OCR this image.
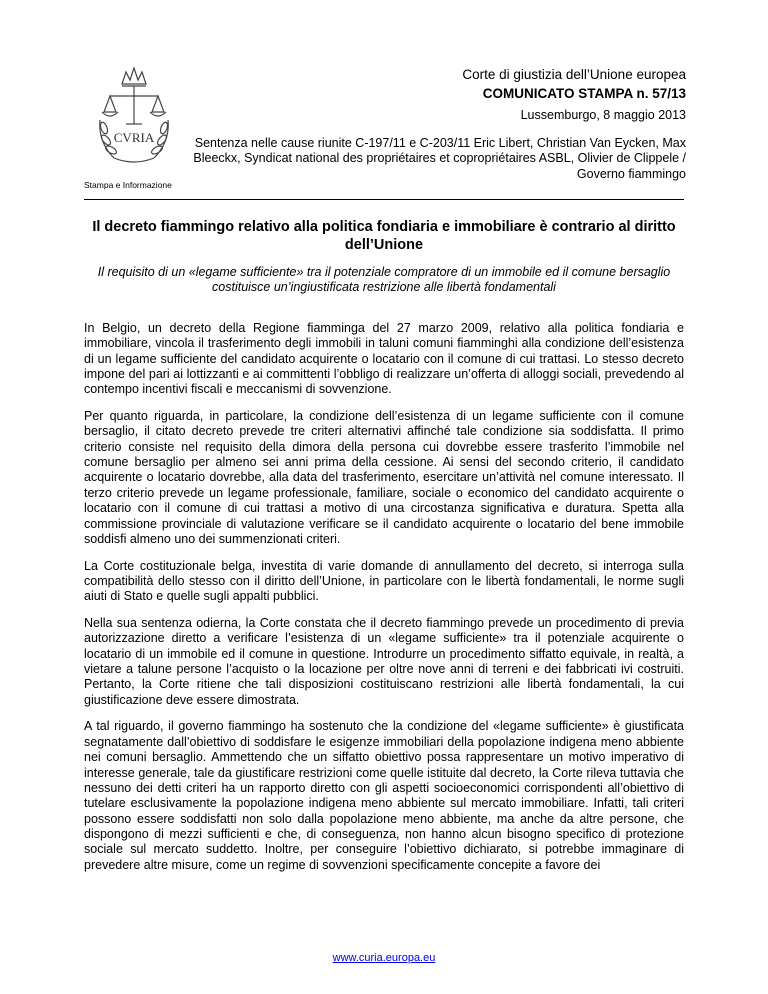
CVRIA
Stampa e Informazione
Corte di giustizia dell’Unione europea
COMUNICATO STAMPA n. 57/13
Lussemburgo, 8 maggio 2013
Sentenza nelle cause riunite C-197/11 e C-203/11 Eric Libert, Christian Van Eycken, Max Bleeckx, Syndicat national des propriétaires et copropriétaires ASBL, Olivier de Clippele / Governo fiammingo
Il decreto fiammingo relativo alla politica fondiaria e immobiliare è contrario al diritto dell’Unione
Il requisito di un «legame sufficiente» tra il potenziale compratore di un immobile ed il comune bersaglio costituisce un’ingiustificata restrizione alle libertà fondamentali

In Belgio, un decreto della Regione fiamminga del 27 marzo 2009, relativo alla politica fondiaria e immobiliare, vincola il trasferimento degli immobili in taluni comuni fiamminghi alla condizione dell’esistenza di un legame sufficiente del candidato acquirente o locatario con il comune di cui trattasi. Lo stesso decreto impone del pari ai lottizzanti e ai committenti l’obbligo di realizzare un’offerta di alloggi sociali, prevedendo al contempo incentivi fiscali e meccanismi di sovvenzione.

Per quanto riguarda, in particolare, la condizione dell’esistenza di un legame sufficiente con il comune bersaglio, il citato decreto prevede tre criteri alternativi affinché tale condizione sia soddisfatta. Il primo criterio consiste nel requisito della dimora della persona cui dovrebbe essere trasferito l’immobile nel comune bersaglio per almeno sei anni prima della cessione. Ai sensi del secondo criterio, il candidato acquirente o locatario dovrebbe, alla data del trasferimento, esercitare un’attività nel comune interessato. Il terzo criterio prevede un legame professionale, familiare, sociale o economico del candidato acquirente o locatario con il comune di cui trattasi a motivo di una circostanza significativa e duratura. Spetta alla commissione provinciale di valutazione verificare se il candidato acquirente o locatario del bene immobile soddisfi almeno uno dei summenzionati criteri.

La Corte costituzionale belga, investita di varie domande di annullamento del decreto, si interroga sulla compatibilità dello stesso con il diritto dell’Unione, in particolare con le libertà fondamentali, le norme sugli aiuti di Stato e quelle sugli appalti pubblici.

Nella sua sentenza odierna, la Corte constata che il decreto fiammingo prevede un procedimento di previa autorizzazione diretto a verificare l’esistenza di un «legame sufficiente» tra il potenziale acquirente o locatario di un immobile ed il comune in questione. Introdurre un procedimento siffatto equivale, in realtà, a vietare a talune persone l’acquisto o la locazione per oltre nove anni di terreni e dei fabbricati ivi costruiti. Pertanto, la Corte ritiene che tali disposizioni costituiscano restrizioni alle libertà fondamentali, la cui giustificazione deve essere dimostrata.

A tal riguardo, il governo fiammingo ha sostenuto che la condizione del «legame sufficiente» è giustificata segnatamente dall’obiettivo di soddisfare le esigenze immobiliari della popolazione indigena meno abbiente nei comuni bersaglio. Ammettendo che un siffatto obiettivo possa rappresentare un motivo imperativo di interesse generale, tale da giustificare restrizioni come quelle istituite dal decreto, la Corte rileva tuttavia che nessuno dei detti criteri ha un rapporto diretto con gli aspetti socioeconomici corrispondenti all’obiettivo di tutelare esclusivamente la popolazione indigena meno abbiente sul mercato immobiliare. Infatti, tali criteri possono essere soddisfatti non solo dalla popolazione meno abbiente, ma anche da altre persone, che dispongono di mezzi sufficienti e che, di conseguenza, non hanno alcun bisogno specifico di protezione sociale sul mercato suddetto. Inoltre, per conseguire l’obiettivo dichiarato, si potrebbe immaginare di prevedere altre misure, come un regime di sovvenzioni specificamente concepite a favore dei

www.curia.europa.eu
